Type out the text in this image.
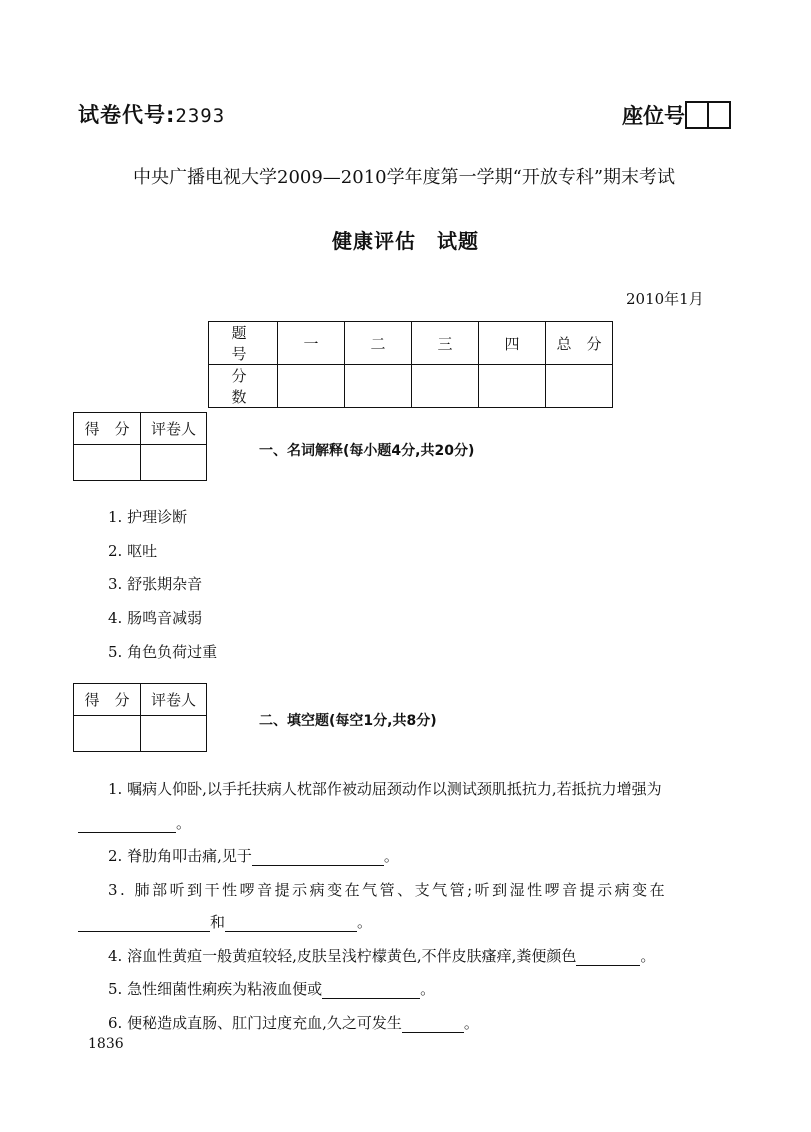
试卷代号:2393	座位号
中央广播电视大学2009—2010学年度第一学期“开放专科”期末考试
健康评估　试题
2010年1月
题　号	一	二	三	四	总　分
分　数					
得　分	评卷人

一、名词解释(每小题4分,共20分)
1. 护理诊断
2. 呕吐
3. 舒张期杂音
4. 肠鸣音减弱
5. 角色负荷过重
得　分	评卷人

二、填空题(每空1分,共8分)
1. 嘱病人仰卧,以手托扶病人枕部作被动屈颈动作以测试颈肌抵抗力,若抵抗力增强为
。
2. 脊肋角叩击痛,见于	。
3. 肺部听到干性啰音提示病变在气管、支气管;听到湿性啰音提示病变在
和	。
4. 溶血性黄疸一般黄疸较轻,皮肤呈浅柠檬黄色,不伴皮肤瘙痒,粪便颜色	。
5. 急性细菌性痢疾为粘液血便或	。
6. 便秘造成直肠、肛门过度充血,久之可发生	。
1836
